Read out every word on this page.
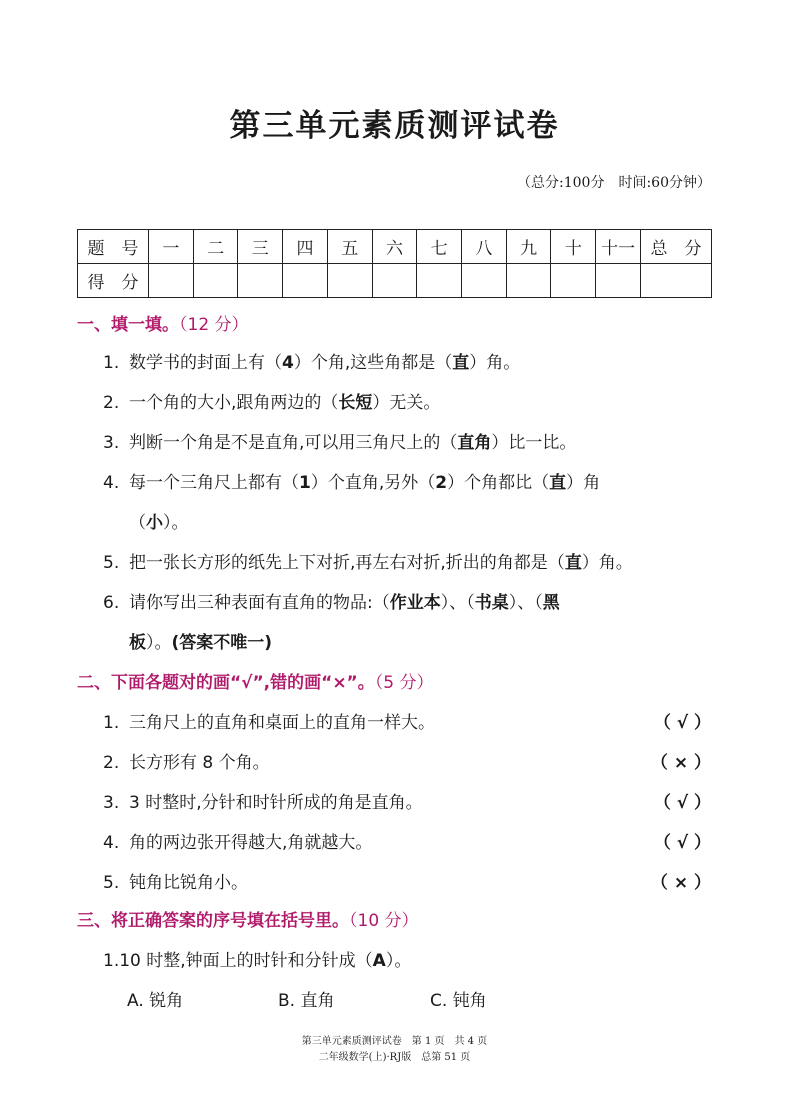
第三单元素质测评试卷
（总分:100分　时间:60分钟）
题　号	一	二	三	四	五	六	七	八	九	十	十一	总　分
得　分												
一、填一填。（12 分）
1. 数学书的封面上有（4）个角,这些角都是（直）角。
2. 一个角的大小,跟角两边的（长短）无关。
3. 判断一个角是不是直角,可以用三角尺上的（直角）比一比。
4. 每一个三角尺上都有（1）个直角,另外（2）个角都比（直）角
（小）。
5. 把一张长方形的纸先上下对折,再左右对折,折出的角都是（直）角。
6. 请你写出三种表面有直角的物品:（作业本）、（书桌）、（黑
板）。(答案不唯一)
二、下面各题对的画“√”,错的画“×”。（5 分）
1. 三角尺上的直角和桌面上的直角一样大。	（ √ ）
2. 长方形有 8 个角。	（ × ）
3. 3 时整时,分针和时针所成的角是直角。	（ √ ）
4. 角的两边张开得越大,角就越大。	（ √ ）
5. 钝角比锐角小。	（ × ）
三、将正确答案的序号填在括号里。（10 分）
1.10 时整,钟面上的时针和分针成（A）。
A. 锐角	B. 直角	C. 钝角
第三单元素质测评试卷　第 1 页　共 4 页
二年级数学(上)·RJ版　总第 51 页
